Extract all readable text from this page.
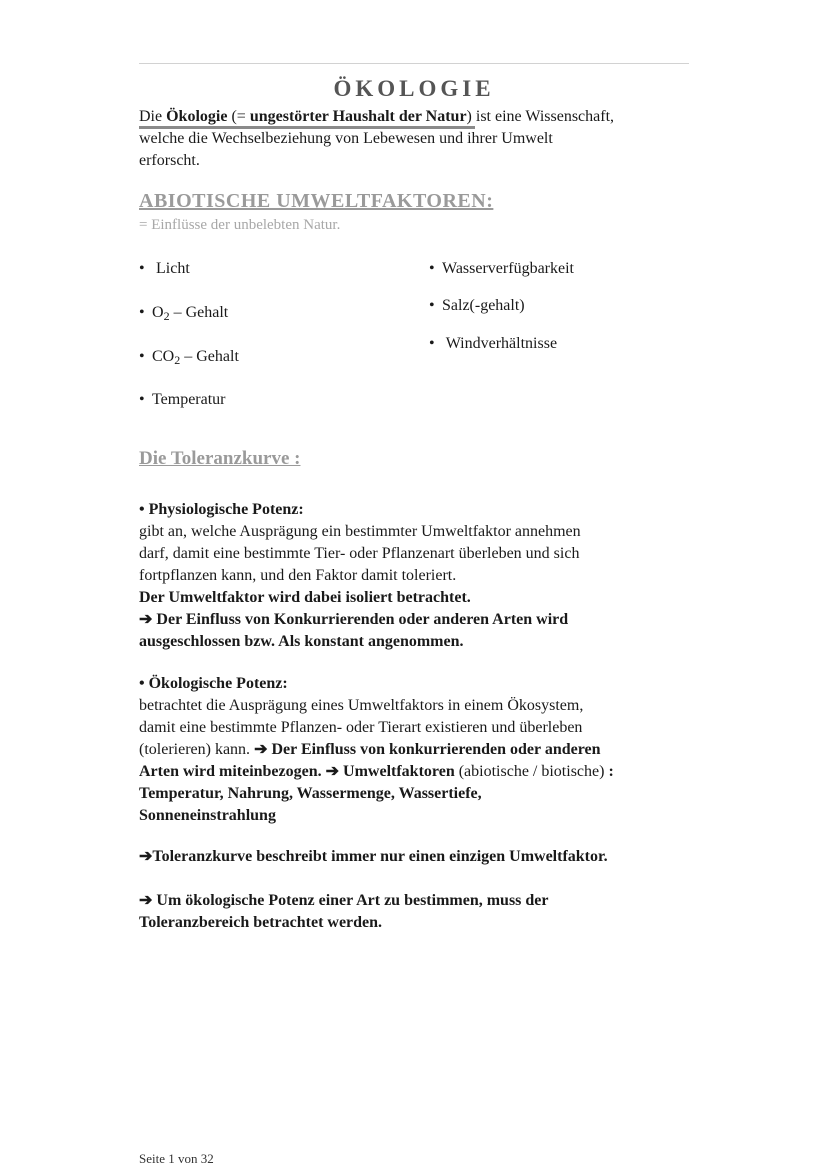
ÖKOLOGIE
Die Ökologie (= ungestörter Haushalt der Natur)
ist eine Wissenschaft,
welche die Wechselbeziehung von Lebewesen und ihrer Umwelt
erforscht.
ABIOTISCHE UMWELTFAKTOREN:
= Einflüsse der unbelebten Natur.
• Licht
• $O_2$ – Gehalt
• $CO_2$ – Gehalt
• Temperatur
• Wasserverfügbarkeit
• Salz(-gehalt)
• Windverhältnisse
Die Toleranzkurve :
• Physiologische Potenz:
gibt an, welche Ausprägung ein bestimmter Umweltfaktor annehmen
darf, damit eine bestimmte Tier- oder Pflanzenart überleben und sich
fortpflanzen kann, und den Faktor damit toleriert.
Der Umweltfaktor wird dabei isoliert betrachtet.
➔ Der Einfluss von Konkurrierenden oder anderen Arten wird
ausgeschlossen bzw. Als konstant angenommen.
• Ökologische Potenz:
betrachtet die Ausprägung eines Umweltfaktors in einem Ökosystem,
damit eine bestimmte Pflanzen- oder Tierart existieren und überleben
(tolerieren) kann. ➔ Der Einfluss von konkurrierenden oder anderen
Arten wird miteinbezogen. ➔ Umweltfaktoren (abiotische / biotische) :
Temperatur, Nahrung, Wassermenge, Wassertiefe,
Sonneneinstrahlung
➔Toleranzkurve beschreibt immer nur einen einzigen Umweltfaktor.
➔ Um ökologische Potenz einer Art zu bestimmen, muss der
Toleranzbereich betrachtet werden.
Seite 1 von 32
